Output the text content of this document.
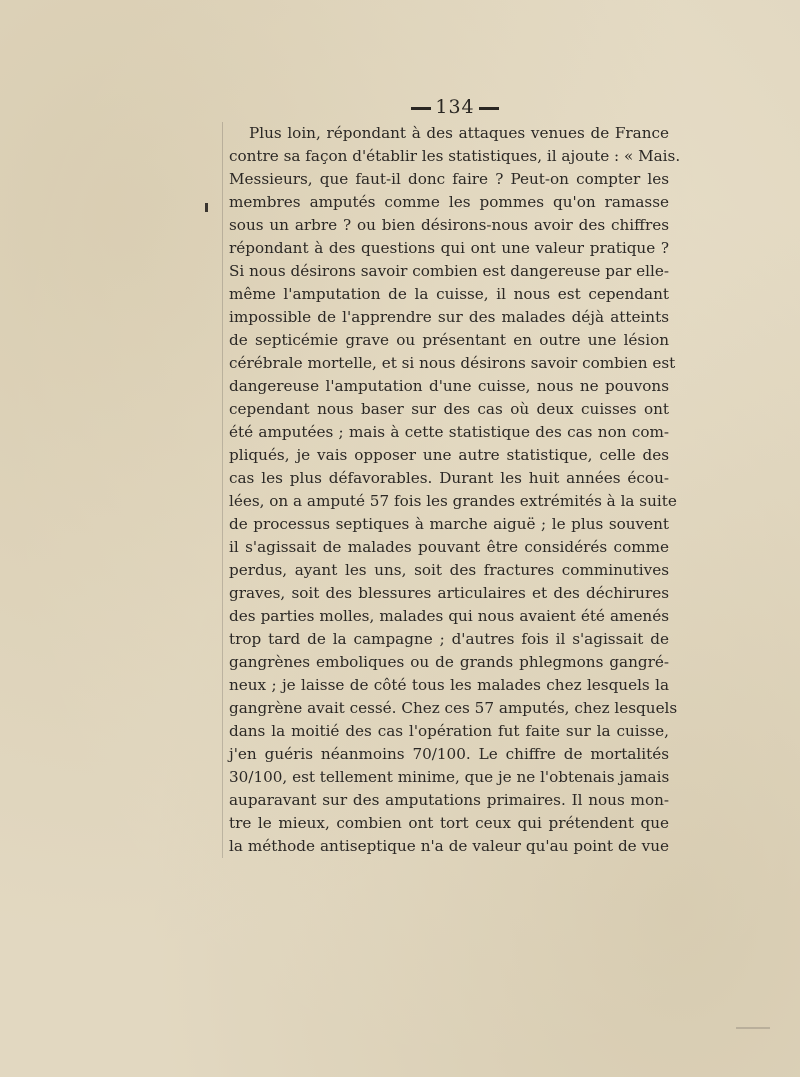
134
Plus loin, répondant à des attaques venues de France
contre sa façon d'établir les statistiques, il ajoute : « Mais.
Messieurs, que faut-il donc faire ? Peut-on compter les
membres amputés comme les pommes qu'on ramasse
sous un arbre ? ou bien désirons-nous avoir des chiffres
répondant à des questions qui ont une valeur pratique ?
Si nous désirons savoir combien est dangereuse par elle-
même l'amputation de la cuisse, il nous est cependant
impossible de l'apprendre sur des malades déjà atteints
de septicémie grave ou présentant en outre une lésion
cérébrale mortelle, et si nous désirons savoir combien est
dangereuse l'amputation d'une cuisse, nous ne pouvons
cependant nous baser sur des cas où deux cuisses ont
été amputées ; mais à cette statistique des cas non com-
pliqués, je vais opposer une autre statistique, celle des
cas les plus défavorables. Durant les huit années écou-
lées, on a amputé 57 fois les grandes extrémités à la suite
de processus septiques à marche aiguë ; le plus souvent
il s'agissait de malades pouvant être considérés comme
perdus, ayant les uns, soit des fractures comminutives
graves, soit des blessures articulaires et des déchirures
des parties molles, malades qui nous avaient été amenés
trop tard de la campagne ; d'autres fois il s'agissait de
gangrènes emboliques ou de grands phlegmons gangré-
neux ; je laisse de côté tous les malades chez lesquels la
gangrène avait cessé. Chez ces 57 amputés, chez lesquels
dans la moitié des cas l'opération fut faite sur la cuisse,
j'en guéris néanmoins 70/100. Le chiffre de mortalités
30/100, est tellement minime, que je ne l'obtenais jamais
auparavant sur des amputations primaires. Il nous mon-
tre le mieux, combien ont tort ceux qui prétendent que
la méthode antiseptique n'a de valeur qu'au point de vue
